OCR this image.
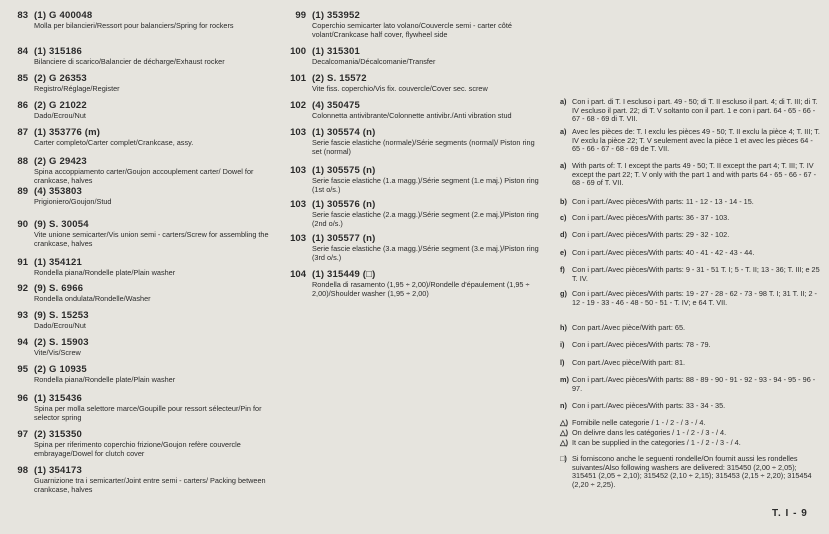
83 (1) G 400048
Molla per bilancieri/Ressort pour balanciers/Spring for rockers
84 (1) 315186
Bilanciere di scarico/Balancier de décharge/Exhaust rocker
85 (2) G 26353
Registro/Réglage/Register
86 (2) G 21022
Dado/Ecrou/Nut
87 (1) 353776 (m)
Carter completo/Carter complet/Crankcase, assy.
88 (2) G 29423
Spina accoppiamento carter/Goujon accouplement carter/ Dowel for crankcase, halves
89 (4) 353803
Prigioniero/Goujon/Stud
90 (9) S. 30054
Vite unione semicarter/Vis union semi - carters/Screw for assembling the crankcase, halves
91 (1) 354121
Rondella piana/Rondelle plate/Plain washer
92 (9) S. 6966
Rondella ondulata/Rondelle/Washer
93 (9) S. 15253
Dado/Ecrou/Nut
94 (2) S. 15903
Vite/Vis/Screw
95 (2) G 10935
Rondella piana/Rondelle plate/Plain washer
96 (1) 315436
Spina per molla selettore marce/Goupille pour ressort sélecteur/Pin for selector spring
97 (2) 315350
Spina per riferimento coperchio frizione/Goujon refère couvercle embrayage/Dowel for clutch cover
98 (1) 354173
Guarnizione tra i semicarter/Joint entre semi - carters/ Packing between crankcase, halves
99 (1) 353952
Coperchio semicarter lato volano/Couvercle semi - carter côté volant/Crankcase half cover, flywheel side
100 (1) 315301
Decalcomania/Décalcomanie/Transfer
101 (2) S. 15572
Vite fiss. coperchio/Vis fix. couvercle/Cover sec. screw
102 (4) 350475
Colonnetta antivibrante/Colonnette antivibr./Anti vibration stud
103 (1) 305574 (n)
Serie fascie elastiche (normale)/Série segments (normal)/ Piston ring set (normal)
103 (1) 305575 (n)
Serie fascie elastiche (1.a magg.)/Série segment (1.e maj.) Piston ring (1st o/s.)
103 (1) 305576 (n)
Serie fascie elastiche (2.a magg.)/Série segment (2.e maj.)/Piston ring (2nd o/s.)
103 (1) 305577 (n)
Serie fascie elastiche (3.a magg.)/Série segment (3.e maj.)/Piston ring (3rd o/s.)
104 (1) 315449 (□)
Rondella di rasamento (1,95 ÷ 2,00)/Rondelle d'épaulement (1,95 ÷ 2,00)/Shoulder washer (1,95 ÷ 2,00)
a) Con i part. di T. I escluso i part. 49 - 50; di T. II escluso il part. 4; di T. III; di T. IV escluso il part. 22; di T. V soltanto con il part. 1 e con i part. 64 - 65 - 66 - 67 - 68 - 69 di T. VII.
a) Avec les pièces de: T. I exclu les pièces 49 - 50; T. II exclu la pièce 4; T. III; T. IV exclu la pièce 22; T. V seulement avec la pièce 1 et avec les pièces 64 - 65 - 66 - 67 - 68 - 69 de T. VII.
a) With parts of: T. I except the parts 49 - 50; T. II except the part 4; T. III; T. IV except the part 22; T. V only with the part 1 and with parts 64 - 65 - 66 - 67 - 68 - 69 of T. VII.
b) Con i part./Avec pièces/With parts: 11 - 12 - 13 - 14 - 15.
c) Con i part./Avec pièces/With parts: 36 - 37 - 103.
d) Con i part./Avec pièces/With parts: 29 - 32 - 102.
e) Con i part./Avec pièces/With parts: 40 - 41 - 42 - 43 - 44.
f) Con i part./Avec pièces/With parts: 9 - 31 - 51 T. I; 5 - T. II; 13 - 36; T. III; e 25 T. IV.
g) Con i part./Avec pièces/With parts: 19 - 27 - 28 - 62 - 73 - 98 T. I; 31 T. II; 2 - 12 - 19 - 33 - 46 - 48 - 50 - 51 - T. IV; e 64 T. VII.
h) Con part./Avec pièce/With part: 65.
i) Con i part./Avec pièces/With parts: 78 - 79.
l) Con part./Avec pièce/With part: 81.
m) Con i part./Avec pièces/With parts: 88 - 89 - 90 - 91 - 92 - 93 - 94 - 95 - 96 - 97.
n) Con i part./Avec pièces/With parts: 33 - 34 - 35.
△) Fornibile nelle categorie / 1 - / 2 - / 3 - / 4.
△) On delivre dans les catégories / 1 - / 2 - / 3 - / 4.
△) It can be supplied in the categories / 1 - / 2 - / 3 - / 4.
□) Si forniscono anche le seguenti rondelle/On fournit aussi les rondelles suivantes/Also following washers are delivered: 315450 (2,00 ÷ 2,05); 315451 (2,05 ÷ 2,10); 315452 (2,10 ÷ 2,15); 315453 (2,15 ÷ 2,20); 315454 (2,20 ÷ 2,25).
T. I - 9
